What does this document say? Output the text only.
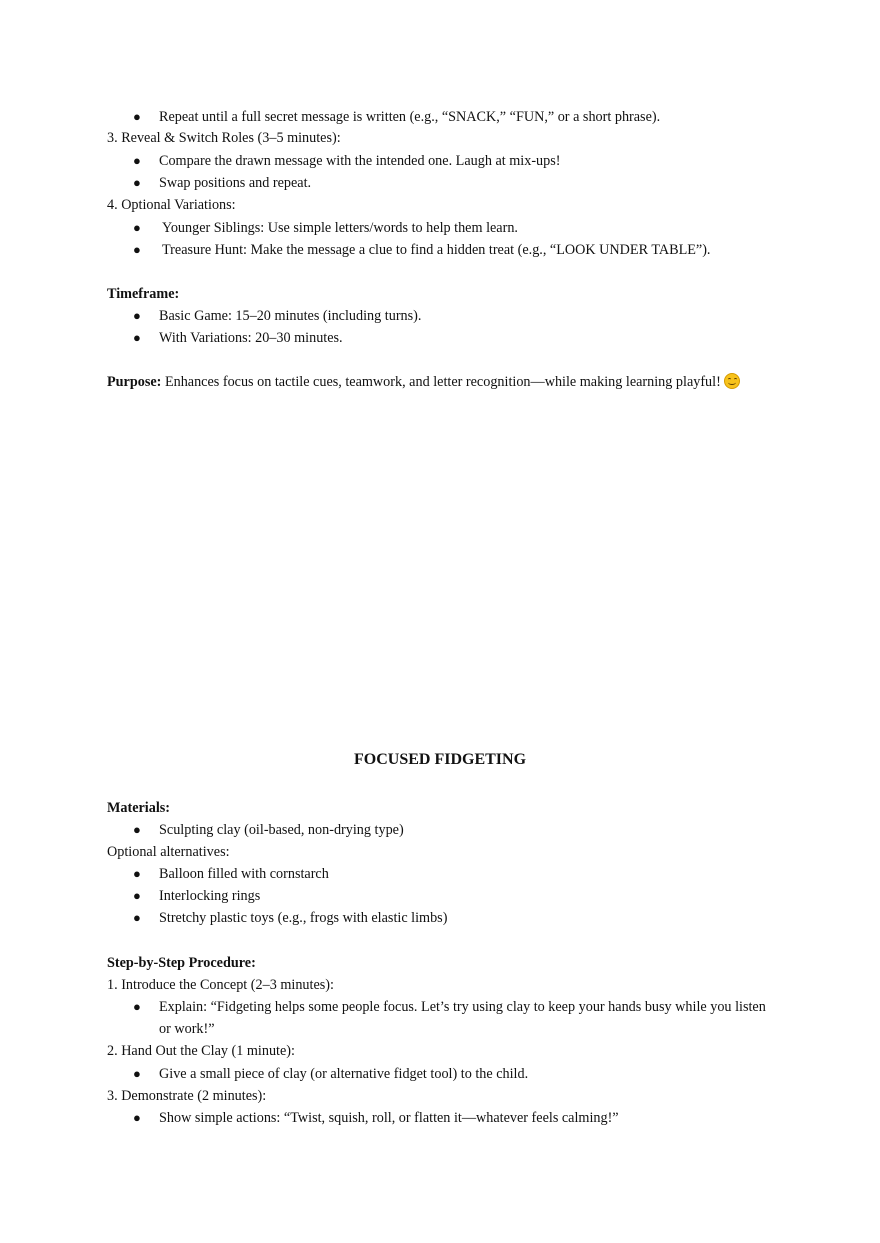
● Repeat until a full secret message is written (e.g., “SNACK,” “FUN,” or a short phrase).
3. Reveal & Switch Roles (3–5 minutes):
● Compare the drawn message with the intended one. Laugh at mix-ups!
● Swap positions and repeat.
4. Optional Variations:
● Younger Siblings: Use simple letters/words to help them learn.
● Treasure Hunt: Make the message a clue to find a hidden treat (e.g., “LOOK UNDER TABLE”).
Timeframe:
● Basic Game: 15–20 minutes (including turns).
● With Variations: 20–30 minutes.
Purpose: Enhances focus on tactile cues, teamwork, and letter recognition—while making learning playful!
FOCUSED FIDGETING
Materials:
● Sculpting clay (oil-based, non-drying type)
Optional alternatives:
● Balloon filled with cornstarch
● Interlocking rings
● Stretchy plastic toys (e.g., frogs with elastic limbs)
Step-by-Step Procedure:
1. Introduce the Concept (2–3 minutes):
● Explain: “Fidgeting helps some people focus. Let’s try using clay to keep your hands busy while you listen or work!”
2. Hand Out the Clay (1 minute):
● Give a small piece of clay (or alternative fidget tool) to the child.
3. Demonstrate (2 minutes):
● Show simple actions: “Twist, squish, roll, or flatten it—whatever feels calming!”
